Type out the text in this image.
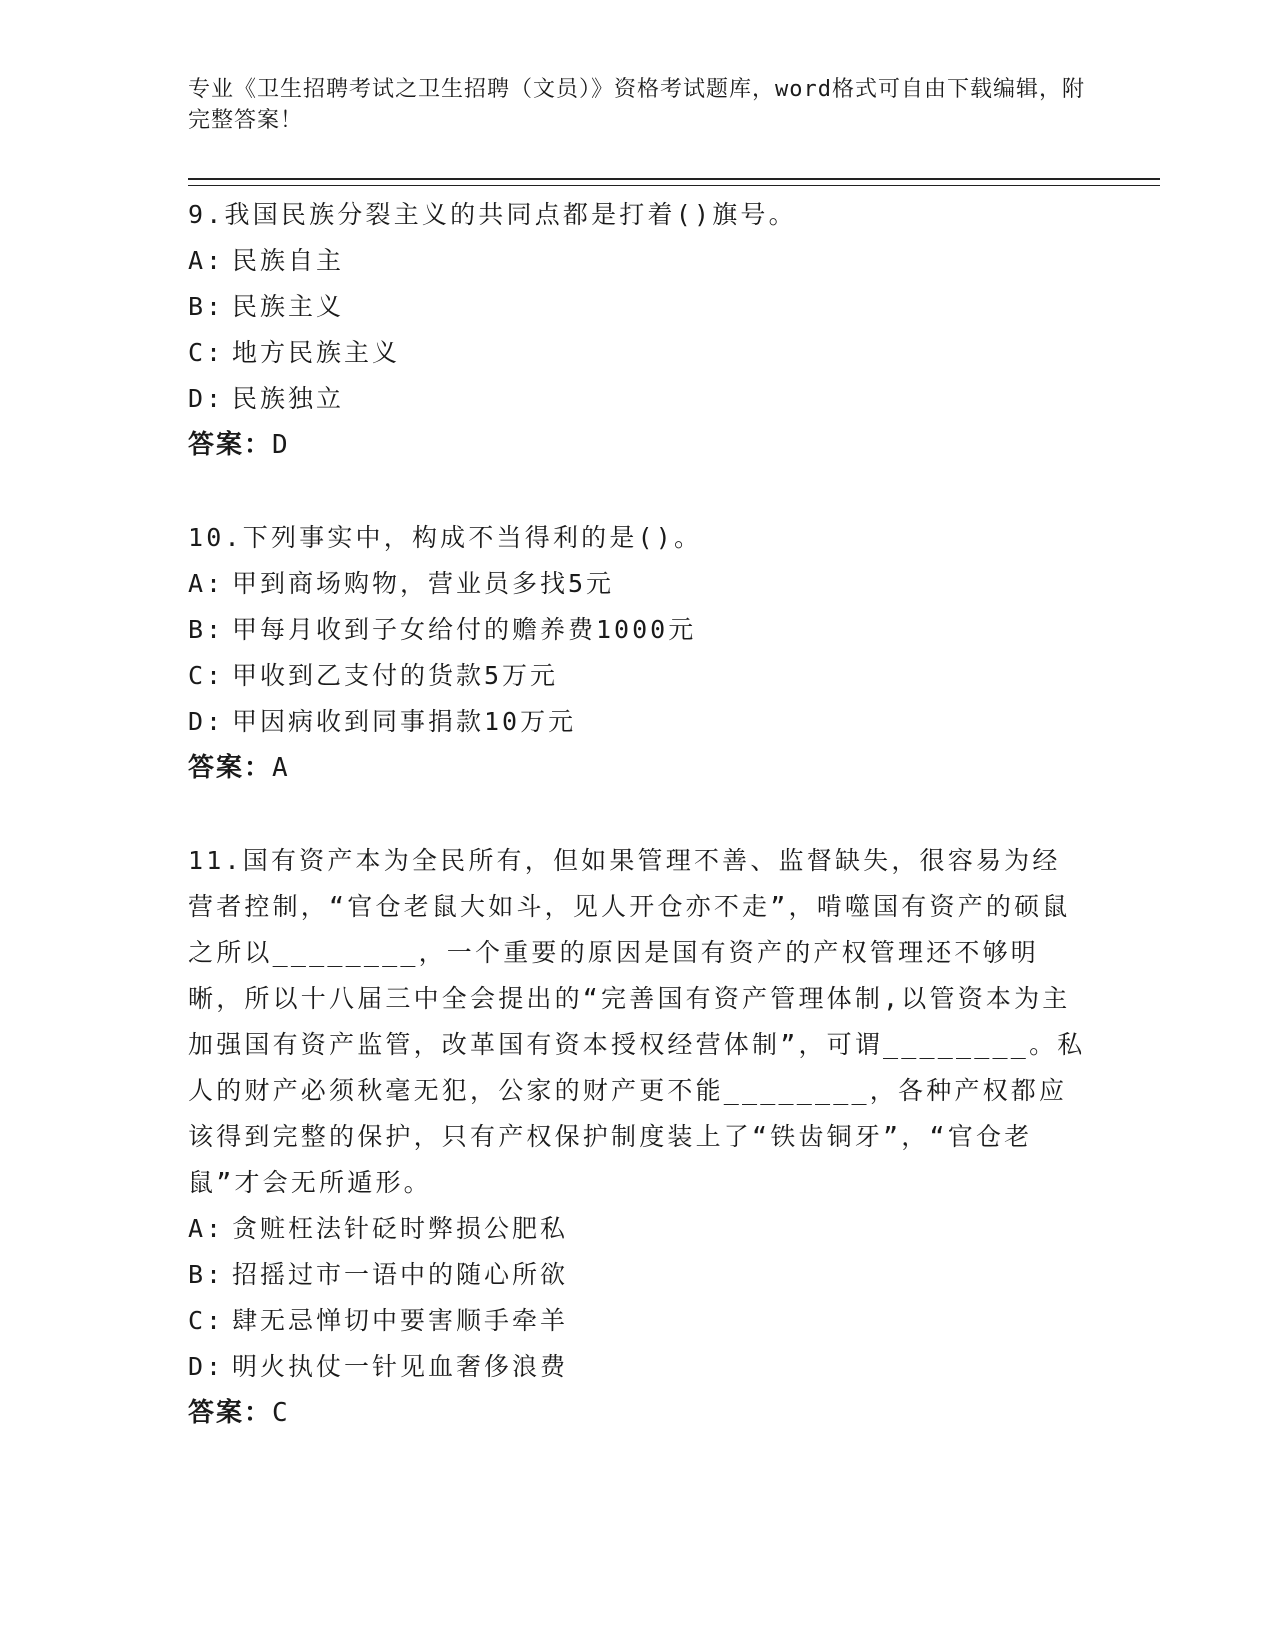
专业《卫生招聘考试之卫生招聘（文员）》资格考试题库，word格式可自由下载编辑，附完整答案！
9.我国民族分裂主义的共同点都是打着()旗号。
A: 民族自主
B: 民族主义
C: 地方民族主义
D: 民族独立
答案：D
10.下列事实中，构成不当得利的是()。
A: 甲到商场购物，营业员多找5元
B: 甲每月收到子女给付的赡养费1000元
C: 甲收到乙支付的货款5万元
D: 甲因病收到同事捐款10万元
答案：A
11.国有资产本为全民所有，但如果管理不善、监督缺失，很容易为经营者控制，“官仓老鼠大如斗，见人开仓亦不走”，啃噬国有资产的硕鼠之所以________，一个重要的原因是国有资产的产权管理还不够明晰，所以十八届三中全会提出的“完善国有资产管理体制,以管资本为主加强国有资产监管，改革国有资本授权经营体制”，可谓________。私人的财产必须秋毫无犯，公家的财产更不能________，各种产权都应该得到完整的保护，只有产权保护制度装上了“铁齿铜牙”，“官仓老鼠”才会无所遁形。
A: 贪赃枉法针砭时弊损公肥私
B: 招摇过市一语中的随心所欲
C: 肆无忌惮切中要害顺手牵羊
D: 明火执仗一针见血奢侈浪费
答案：C
